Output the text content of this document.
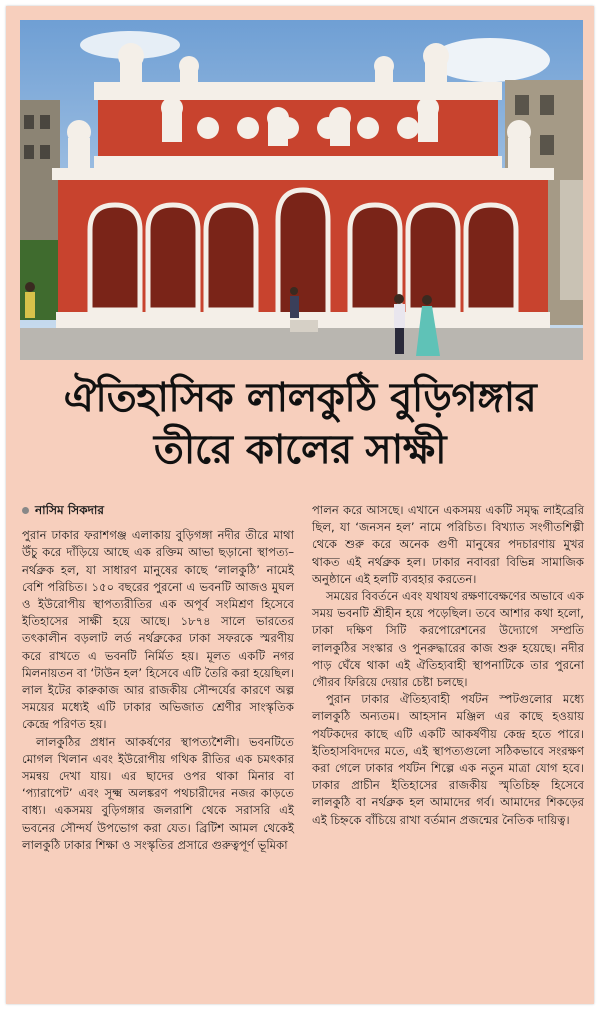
ঐতিহাসিক লালকুঠি বুড়িগঙ্গার
তীরে কালের সাক্ষী
নাসিম সিকদার

পুরান ঢাকার ফরাশগঞ্জ এলাকায় বুড়িগঙ্গা নদীর তীরে মাথা উঁচু করে দাঁড়িয়ে আছে এক রক্তিম আভা ছড়ানো স্থাপত্য– নর্থব্রুক হল, যা সাধারণ মানুষের কাছে ‘লালকুঠি’ নামেই বেশি পরিচিত। ১৫০ বছরের পুরনো এ ভবনটি আজও মুঘল ও ইউরোপীয় স্থাপত্যরীতির এক অপূর্ব সংমিশ্রণ হিসেবে ইতিহাসের সাক্ষী হয়ে আছে। ১৮৭৪ সালে ভারতের তৎকালীন বড়লাট লর্ড নর্থব্রুকের ঢাকা সফরকে স্মরণীয় করে রাখতে এ ভবনটি নির্মিত হয়। মূলত একটি নগর মিলনায়তন বা ‘টাউন হল’ হিসেবে এটি তৈরি করা হয়েছিল। লাল ইটের কারুকাজ আর রাজকীয় সৌন্দর্যের কারণে অল্প সময়ের মধ্যেই এটি ঢাকার অভিজাত শ্রেণীর সাংস্কৃতিক কেন্দ্রে পরিণত হয়।

লালকুঠির প্রধান আকর্ষণের স্থাপত্যশৈলী। ভবনটিতে মোগল খিলান এবং ইউরোপীয় গথিক রীতির এক চমৎকার সমন্বয় দেখা যায়। এর ছাদের ওপর থাকা মিনার বা ‘প্যারাপেট’ এবং সূক্ষ্ম অলঙ্করণ পথচারীদের নজর কাড়তে বাধ্য। একসময় বুড়িগঙ্গার জলরাশি থেকে সরাসরি এই ভবনের সৌন্দর্য উপভোগ করা যেত। ব্রিটিশ আমল থেকেই লালকুঠি ঢাকার শিক্ষা ও সংস্কৃতির প্রসারে গুরুত্বপূর্ণ ভূমিকা

পালন করে আসছে। এখানে একসময় একটি সমৃদ্ধ লাইব্রেরি ছিল, যা ‘জনসন হল’ নামে পরিচিত। বিখ্যাত সংগীতশিল্পী থেকে শুরু করে অনেক গুণী মানুষের পদচারণায় মুখর থাকত এই নর্থব্রুক হল। ঢাকার নবাবরা বিভিন্ন সামাজিক অনুষ্ঠানে এই হলটি ব্যবহার করতেন।

সময়ের বিবর্তনে এবং যথাযথ রক্ষণাবেক্ষণের অভাবে এক সময় ভবনটি শ্রীহীন হয়ে পড়েছিল। তবে আশার কথা হলো, ঢাকা দক্ষিণ সিটি করপোরেশনের উদ্যোগে সম্প্রতি লালকুঠির সংস্কার ও পুনরুদ্ধারের কাজ শুরু হয়েছে। নদীর পাড় ঘেঁষে থাকা এই ঐতিহ্যবাহী স্থাপনাটিকে তার পুরনো গৌরব ফিরিয়ে দেয়ার চেষ্টা চলছে।

পুরান ঢাকার ঐতিহ্যবাহী পর্যটন স্পটগুলোর মধ্যে লালকুঠি অন্যতম। আহসান মঞ্জিল এর কাছে হওয়ায় পর্যটকদের কাছে এটি একটি আকর্ষণীয় কেন্দ্র হতে পারে। ইতিহাসবিদদের মতে, এই স্থাপত্যগুলো সঠিকভাবে সংরক্ষণ করা গেলে ঢাকার পর্যটন শিল্পে এক নতুন মাত্রা যোগ হবে। ঢাকার প্রাচীন ইতিহাসের রাজকীয় স্মৃতিচিহ্ন হিসেবে লালকুঠি বা নর্থব্রুক হল আমাদের গর্ব। আমাদের শিকড়ের এই চিহ্নকে বাঁচিয়ে রাখা বর্তমান প্রজন্মের নৈতিক দায়িত্ব।
